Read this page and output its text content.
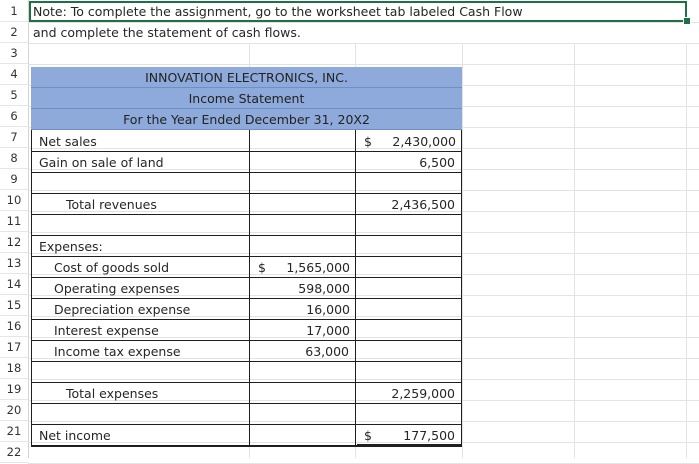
1
2
3
4
5
6
7
8
9
10
11
12
13
14
15
16
17
18
19
20
21
22
Note: To complete the assignment, go to the worksheet tab labeled Cash Flow
and complete the statement of cash flows.
INNOVATION ELECTRONICS, INC.
Income Statement
For the Year Ended December 31, 20X2
Net sales	$	2,430,000
Gain on sale of land	6,500
Total revenues	2,436,500
Expenses:
Cost of goods sold	$	1,565,000
Operating expenses	598,000
Depreciation expense	16,000
Interest expense	17,000
Income tax expense	63,000
Total expenses	2,259,000
Net income	$	177,500
